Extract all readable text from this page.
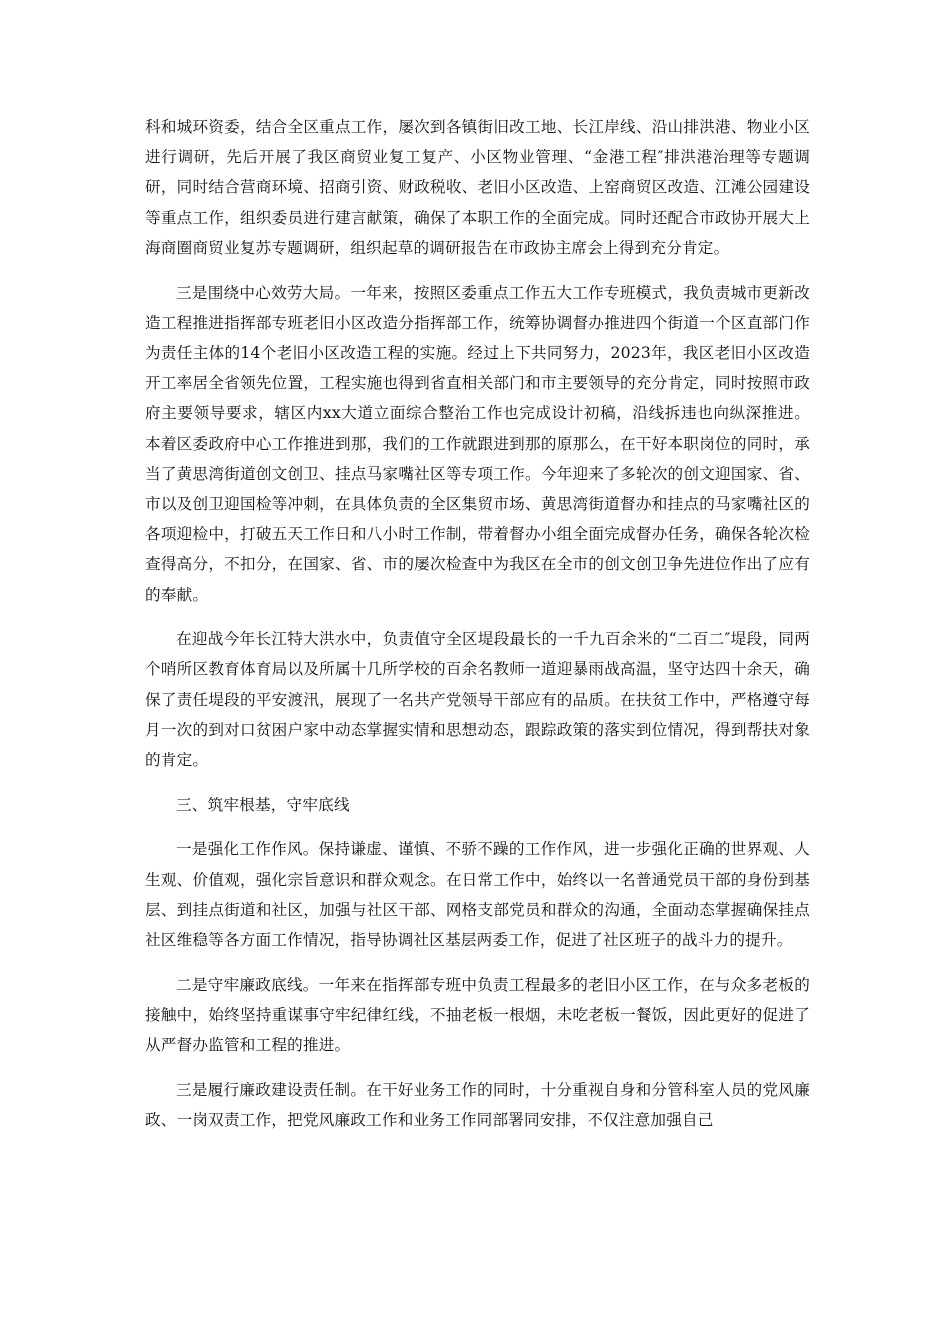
科和城环资委，结合全区重点工作，屡次到各镇街旧改工地、长江岸线、沿山排洪港、物业小区进行调研，先后开展了我区商贸业复工复产、小区物业管理、“金港工程″排洪港治理等专题调研，同时结合营商环境、招商引资、财政税收、老旧小区改造、上窑商贸区改造、江滩公园建设等重点工作，组织委员进行建言献策，确保了本职工作的全面完成。同时还配合市政协开展大上海商圈商贸业复苏专题调研，组织起草的调研报告在市政协主席会上得到充分肯定。

三是围绕中心效劳大局。一年来，按照区委重点工作五大工作专班模式，我负责城市更新改造工程推进指挥部专班老旧小区改造分指挥部工作，统筹协调督办推进四个街道一个区直部门作为责任主体的14个老旧小区改造工程的实施。经过上下共同努力，2023年，我区老旧小区改造开工率居全省领先位置，工程实施也得到省直相关部门和市主要领导的充分肯定，同时按照市政府主要领导要求，辖区内xx大道立面综合整治工作也完成设计初稿，沿线拆违也向纵深推进。本着区委政府中心工作推进到那，我们的工作就跟进到那的原那么，在干好本职岗位的同时，承当了黄思湾街道创文创卫、挂点马家嘴社区等专项工作。今年迎来了多轮次的创文迎国家、省、市以及创卫迎国检等冲刺，在具体负责的全区集贸市场、黄思湾街道督办和挂点的马家嘴社区的各项迎检中，打破五天工作日和八小时工作制，带着督办小组全面完成督办任务，确保各轮次检查得高分，不扣分，在国家、省、市的屡次检查中为我区在全市的创文创卫争先进位作出了应有的奉献。

在迎战今年长江特大洪水中，负责值守全区堤段最长的一千九百余米的“二百二″堤段，同两个哨所区教育体育局以及所属十几所学校的百余名教师一道迎暴雨战高温，坚守达四十余天，确保了责任堤段的平安渡汛，展现了一名共产党领导干部应有的品质。在扶贫工作中，严格遵守每月一次的到对口贫困户家中动态掌握实情和思想动态，跟踪政策的落实到位情况，得到帮扶对象的肯定。

三、筑牢根基，守牢底线

一是强化工作作风。保持谦虚、谨慎、不骄不躁的工作作风，进一步强化正确的世界观、人生观、价值观，强化宗旨意识和群众观念。在日常工作中，始终以一名普通党员干部的身份到基层、到挂点街道和社区，加强与社区干部、网格支部党员和群众的沟通，全面动态掌握确保挂点社区维稳等各方面工作情况，指导协调社区基层两委工作，促进了社区班子的战斗力的提升。

二是守牢廉政底线。一年来在指挥部专班中负责工程最多的老旧小区工作，在与众多老板的接触中，始终坚持重谋事守牢纪律红线，不抽老板一根烟，未吃老板一餐饭，因此更好的促进了从严督办监管和工程的推进。

三是履行廉政建设责任制。在干好业务工作的同时，十分重视自身和分管科室人员的党风廉政、一岗双责工作，把党风廉政工作和业务工作同部署同安排，不仅注意加强自己
